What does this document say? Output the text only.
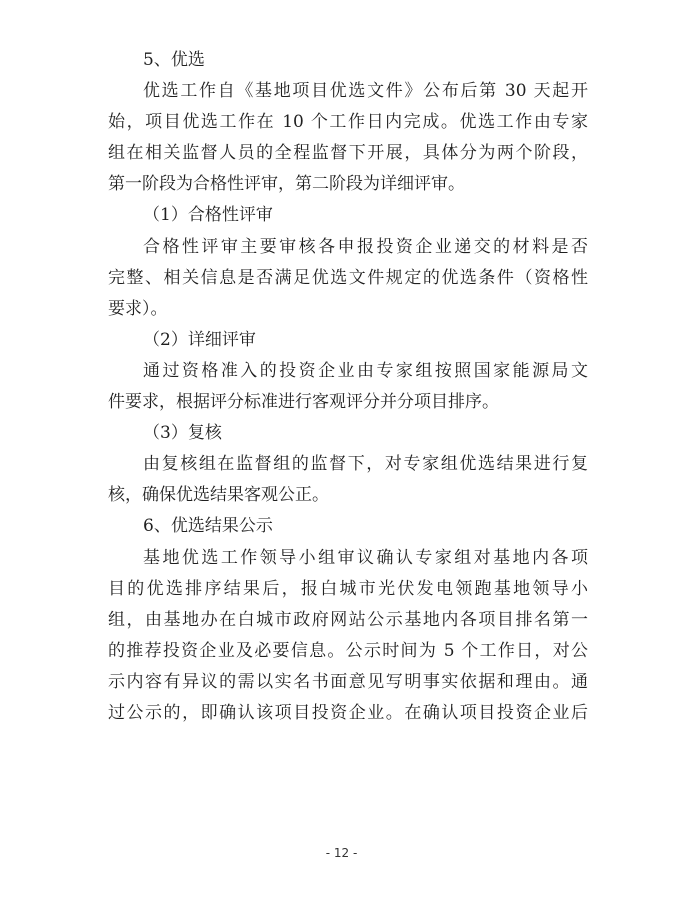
5、优选
优选工作自《基地项目优选文件》公布后第 30 天起开
始，项目优选工作在 10 个工作日内完成。优选工作由专家
组在相关监督人员的全程监督下开展，具体分为两个阶段，
第一阶段为合格性评审，第二阶段为详细评审。
（1）合格性评审
合格性评审主要审核各申报投资企业递交的材料是否
完整、相关信息是否满足优选文件规定的优选条件（资格性
要求）。
（2）详细评审
通过资格准入的投资企业由专家组按照国家能源局文
件要求，根据评分标准进行客观评分并分项目排序。
（3）复核
由复核组在监督组的监督下，对专家组优选结果进行复
核，确保优选结果客观公正。
6、优选结果公示
基地优选工作领导小组审议确认专家组对基地内各项
目的优选排序结果后，报白城市光伏发电领跑基地领导小
组，由基地办在白城市政府网站公示基地内各项目排名第一
的推荐投资企业及必要信息。公示时间为 5 个工作日，对公
示内容有异议的需以实名书面意见写明事实依据和理由。通
过公示的，即确认该项目投资企业。在确认项目投资企业后
- 12 -
